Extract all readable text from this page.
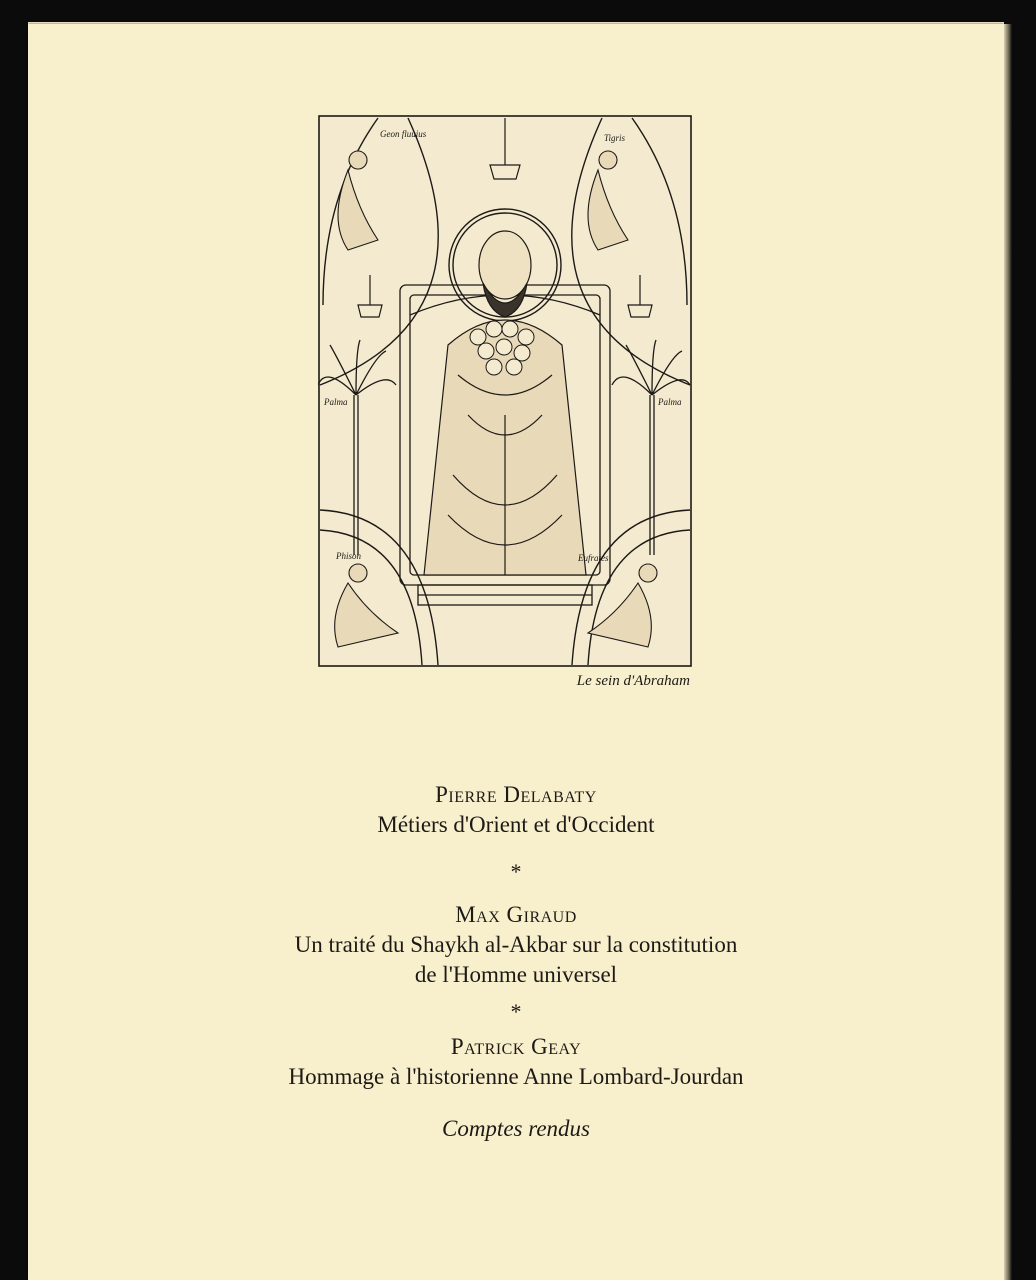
Geon fluuius	Tigris
Eufrates
Phison
Palma	Palma
Le sein d'Abraham
Pierre Delabaty
Métiers d'Orient et d'Occident
*
Max Giraud
Un traité du Shaykh al-Akbar sur la constitution
de l'Homme universel
*
Patrick Geay
Hommage à l'historienne Anne Lombard-Jourdan
Comptes rendus
